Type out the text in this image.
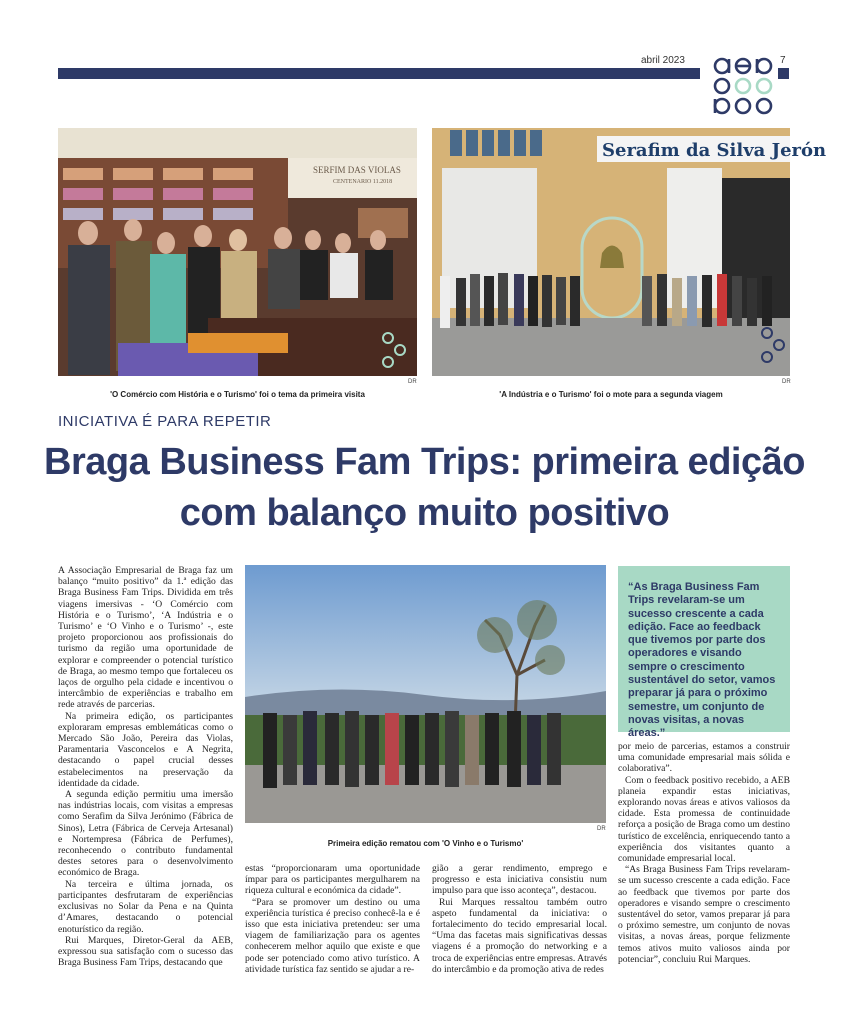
abril 2023	7
SERFIM DAS VIOLAS
CENTENARIO 11.2018
DR
'O Comércio com História e o Turismo' foi o tema da primeira visita
Serafim da Silva Jerón
DR
'A Indústria e o Turismo' foi o mote para a segunda viagem
INICIATIVA É PARA REPETIR
Braga Business Fam Trips: primeira edição com balanço muito positivo
DR
Primeira edição rematou com 'O Vinho e o Turismo'
“As Braga Business Fam Trips revelaram-se um sucesso crescente a cada edição. Face ao feedback que tivemos por parte dos operadores e visando sempre o crescimento sustentável do setor, vamos preparar já para o próximo semestre, um conjunto de novas visitas, a novas áreas.”

A Associação Empresarial de Braga faz um balanço “muito positivo” da 1.ª edição das Braga Business Fam Trips. Dividida em três viagens imersivas - ‘O Comércio com História e o Turismo’, ‘A Indústria e o Turismo’ e ‘O Vinho e o Turismo’ -, este projeto proporcionou aos profissionais do turismo da região uma oportunidade de explorar e compreender o potencial turístico de Braga, ao mesmo tempo que fortaleceu os laços de orgulho pela cidade e incentivou o intercâmbio de experiências e trabalho em rede através de parcerias.

Na primeira edição, os participantes exploraram empresas emblemáticas como o Mercado São João, Pereira das Violas, Paramentaria Vasconcelos e A Negrita, destacando o papel crucial desses estabelecimentos na preservação da identidade da cidade.

A segunda edição permitiu uma imersão nas indústrias locais, com visitas a empresas como Serafim da Silva Jerónimo (Fábrica de Sinos), Letra (Fábrica de Cerveja Artesanal) e Nortempresa (Fábrica de Perfumes), reconhecendo o contributo fundamental destes setores para o desenvolvimento económico de Braga.

Na terceira e última jornada, os participantes desfrutaram de experiências exclusivas no Solar da Pena e na Quinta d’Amares, destacando o potencial enoturístico da região.

Rui Marques, Diretor-Geral da AEB, expressou sua satisfação com o sucesso das Braga Business Fam Trips, destacando que

estas “proporcionaram uma oportunidade ímpar para os participantes mergulharem na riqueza cultural e económica da cidade”.

“Para se promover um destino ou uma experiência turística é preciso conhecê-la e é isso que esta iniciativa pretendeu: ser uma viagem de familiarização para os agentes conhecerem melhor aquilo que existe e que pode ser potenciado como ativo turístico. A atividade turística faz sentido se ajudar a re-

gião a gerar rendimento, emprego e progresso e esta iniciativa consistiu num impulso para que isso aconteça”, destacou.

Rui Marques ressaltou também outro aspeto fundamental da iniciativa: o fortalecimento do tecido empresarial local. “Uma das facetas mais significativas dessas viagens é a promoção do networking e a troca de experiências entre empresas. Através do intercâmbio e da promoção ativa de redes

por meio de parcerias, estamos a construir uma comunidade empresarial mais sólida e colaborativa”.

Com o feedback positivo recebido, a AEB planeia expandir estas iniciativas, explorando novas áreas e ativos valiosos da cidade. Esta promessa de continuidade reforça a posição de Braga como um destino turístico de excelência, enriquecendo tanto a experiência dos visitantes quanto a comunidade empresarial local.

“As Braga Business Fam Trips revelaram-se um sucesso crescente a cada edição. Face ao feedback que tivemos por parte dos operadores e visando sempre o crescimento sustentável do setor, vamos preparar já para o próximo semestre, um conjunto de novas visitas, a novas áreas, porque felizmente temos ativos muito valiosos ainda por potenciar”, concluiu Rui Marques.
